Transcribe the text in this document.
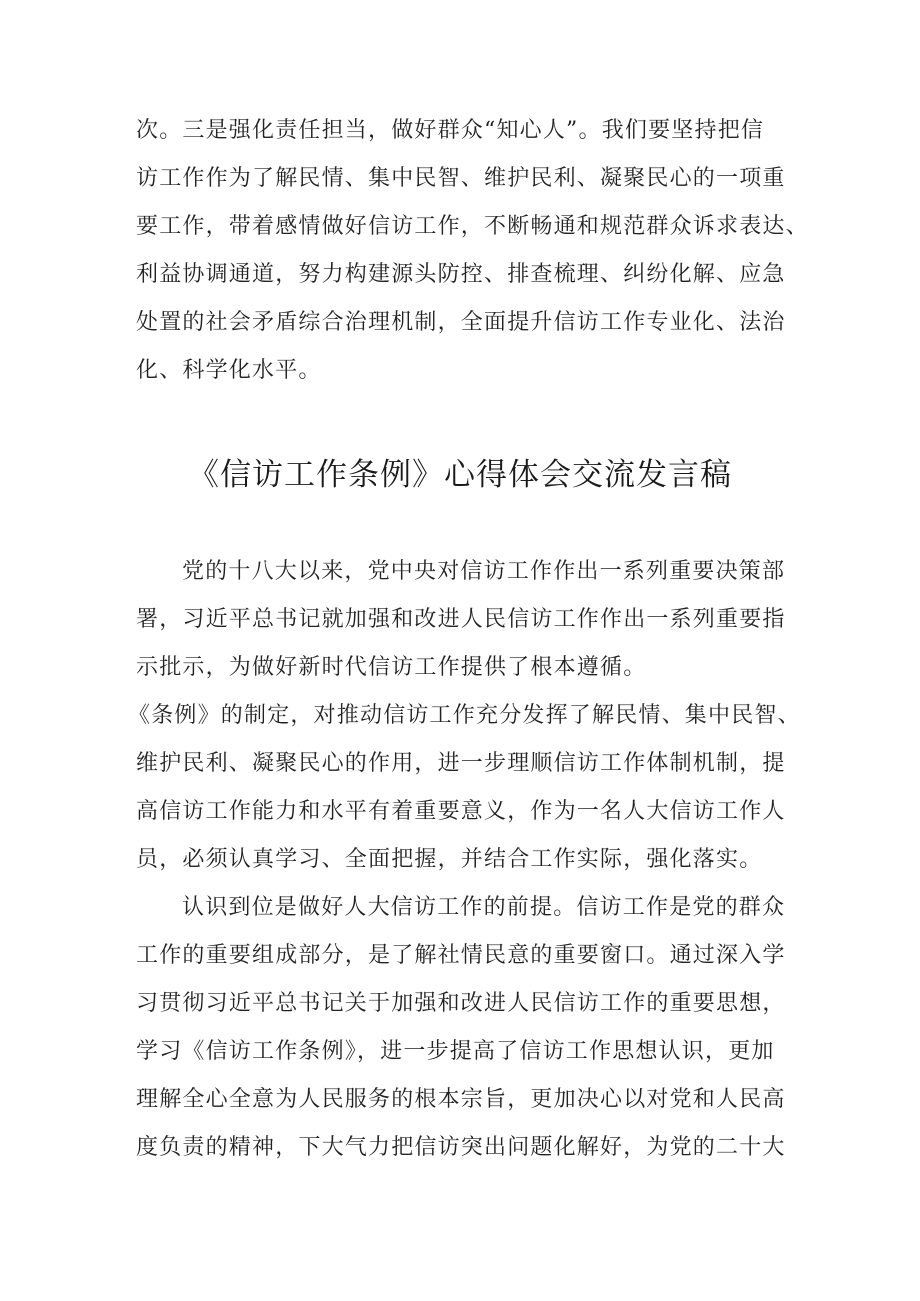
次。三是强化责任担当，做好群众“知心人”。我们要坚持把信
访工作作为了解民情、集中民智、维护民利、凝聚民心的一项重
要工作，带着感情做好信访工作，不断畅通和规范群众诉求表达、
利益协调通道，努力构建源头防控、排查梳理、纠纷化解、应急
处置的社会矛盾综合治理机制，全面提升信访工作专业化、法治
化、科学化水平。
《信访工作条例》心得体会交流发言稿
党的十八大以来，党中央对信访工作作出一系列重要决策部
署，习近平总书记就加强和改进人民信访工作作出一系列重要指
示批示，为做好新时代信访工作提供了根本遵循。
《条例》的制定，对推动信访工作充分发挥了解民情、集中民智、
维护民利、凝聚民心的作用，进一步理顺信访工作体制机制，提
高信访工作能力和水平有着重要意义，作为一名人大信访工作人
员，必须认真学习、全面把握，并结合工作实际，强化落实。
认识到位是做好人大信访工作的前提。信访工作是党的群众
工作的重要组成部分，是了解社情民意的重要窗口。通过深入学
习贯彻习近平总书记关于加强和改进人民信访工作的重要思想，
学习《信访工作条例》，进一步提高了信访工作思想认识，更加
理解全心全意为人民服务的根本宗旨，更加决心以对党和人民高
度负责的精神，下大气力把信访突出问题化解好，为党的二十大
